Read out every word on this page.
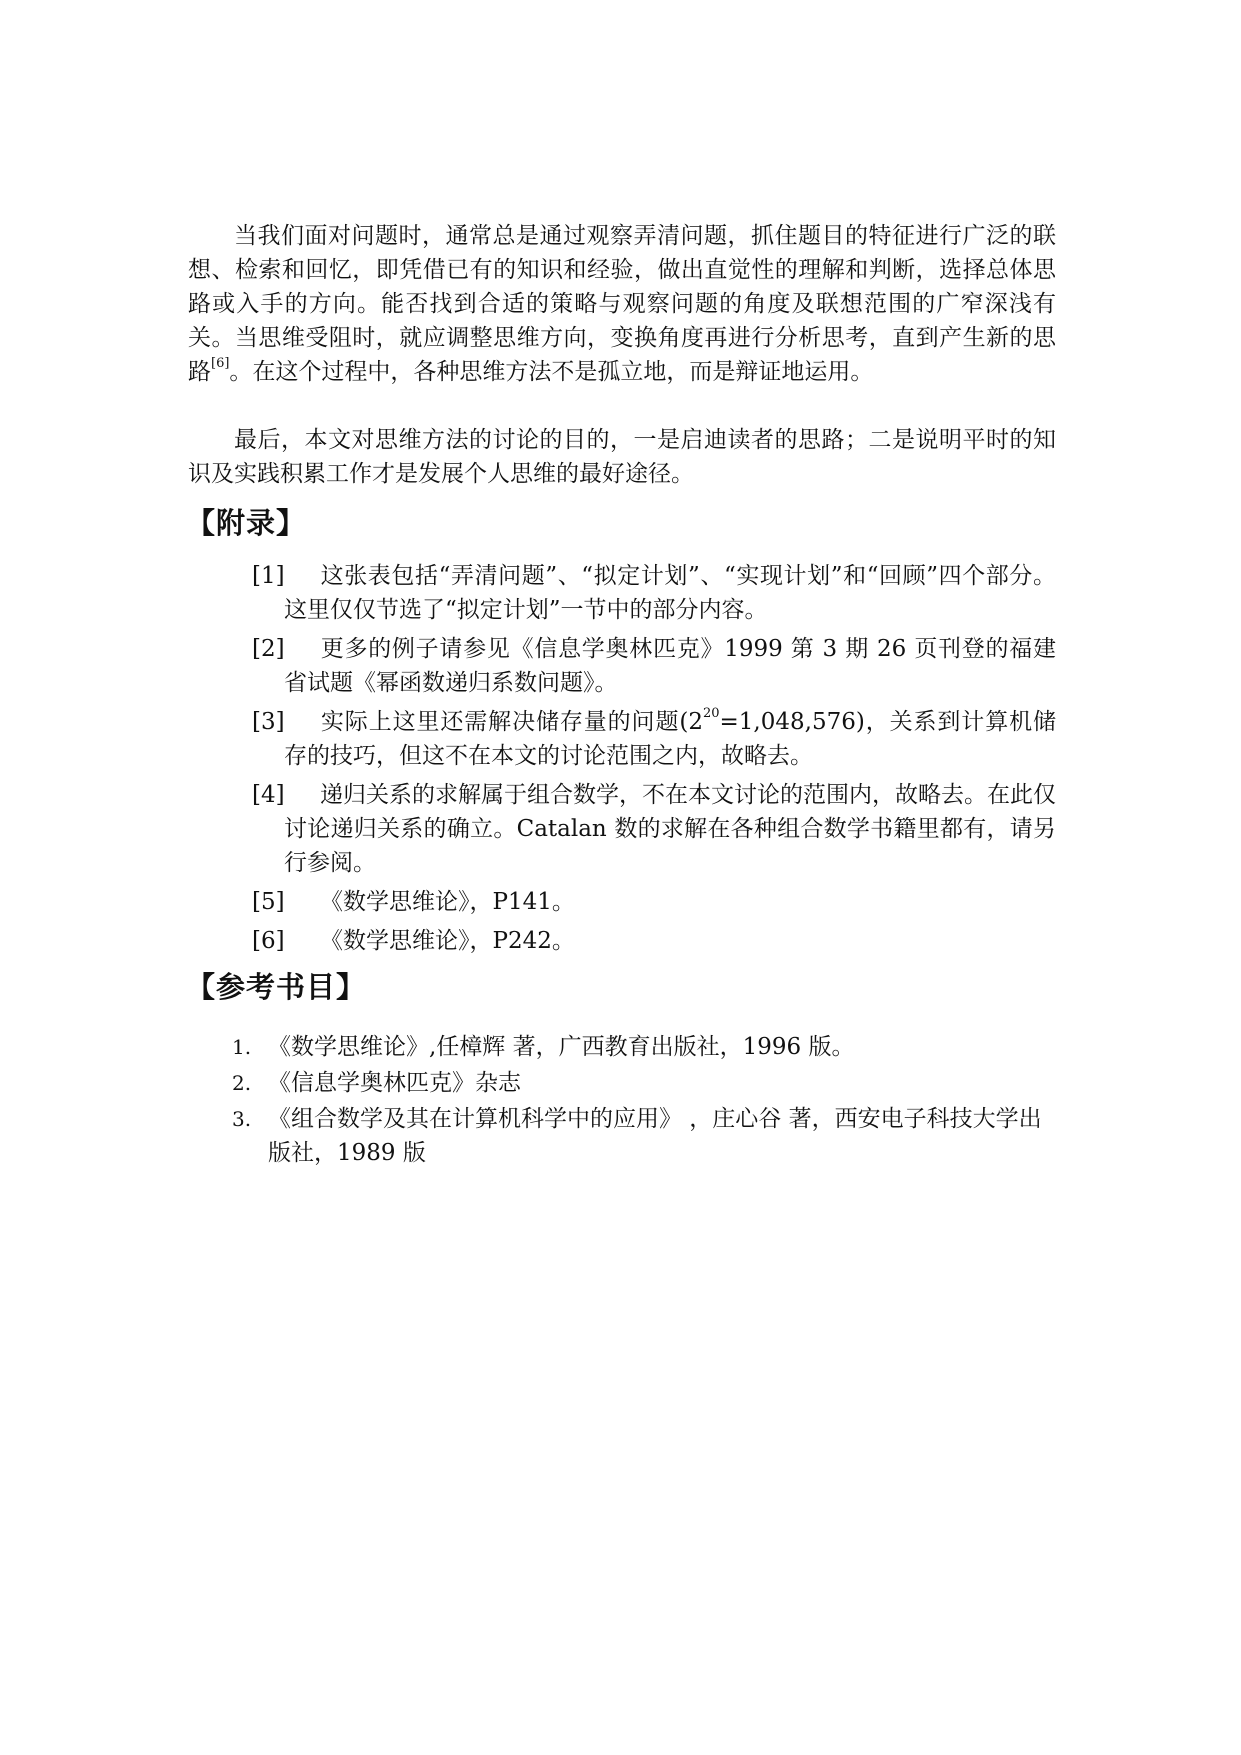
当我们面对问题时，通常总是通过观察弄清问题，抓住题目的特征进行广泛的联想、检索和回忆，即凭借已有的知识和经验，做出直觉性的理解和判断，选择总体思路或入手的方向。能否找到合适的策略与观察问题的角度及联想范围的广窄深浅有关。当思维受阻时，就应调整思维方向，变换角度再进行分析思考，直到产生新的思路[6]。在这个过程中，各种思维方法不是孤立地，而是辩证地运用。

最后，本文对思维方法的讨论的目的，一是启迪读者的思路；二是说明平时的知识及实践积累工作才是发展个人思维的最好途径。

【附录】
[1]	这张表包括“弄清问题”、“拟定计划”、“实现计划”和“回顾”四个部分。这里仅仅节选了“拟定计划”一节中的部分内容。
[2]	更多的例子请参见《信息学奥林匹克》1999 第 3 期 26 页刊登的福建省试题《幂函数递归系数问题》。
[3]	实际上这里还需解决储存量的问题$(2^{20}=1,048,576)$，关系到计算机储存的技巧，但这不在本文的讨论范围之内，故略去。
[4]	递归关系的求解属于组合数学，不在本文讨论的范围内，故略去。在此仅讨论递归关系的确立。Catalan 数的求解在各种组合数学书籍里都有，请另行参阅。
[5]	《数学思维论》，P141。
[6]	《数学思维论》，P242。
【参考书目】
1. 《数学思维论》,任樟辉 著，广西教育出版社，1996 版。
2. 《信息学奥林匹克》杂志
3. 《组合数学及其在计算机科学中的应用》 ，庄心谷 著，西安电子科技大学出版社，1989 版
